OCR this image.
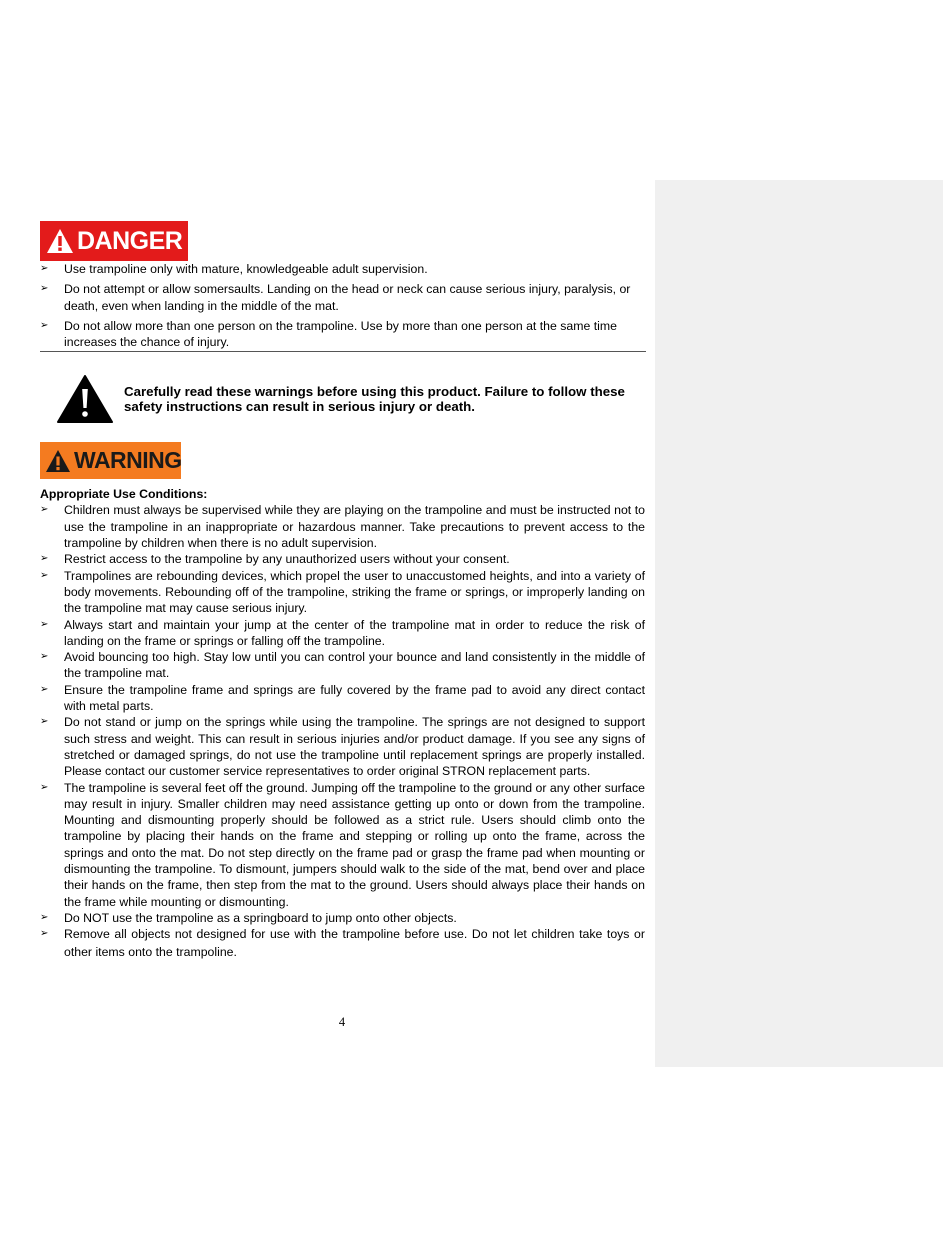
DANGER
➢ Use trampoline only with mature, knowledgeable adult supervision.
➢ Do not attempt or allow somersaults. Landing on the head or neck can cause serious injury, paralysis, or death, even when landing in the middle of the mat.
➢ Do not allow more than one person on the trampoline. Use by more than one person at the same time increases the chance of injury.
Carefully read these warnings before using this product. Failure to follow these
safety instructions can result in serious injury or death.
WARNING
Appropriate Use Conditions:
➢ Children must always be supervised while they are playing on the trampoline and must be instructed not to use the trampoline in an inappropriate or hazardous manner. Take precautions to prevent access to the trampoline by children when there is no adult supervision.
➢ Restrict access to the trampoline by any unauthorized users without your consent.
➢ Trampolines are rebounding devices, which propel the user to unaccustomed heights, and into a variety of body movements. Rebounding off of the trampoline, striking the frame or springs, or improperly landing on the trampoline mat may cause serious injury.
➢ Always start and maintain your jump at the center of the trampoline mat in order to reduce the risk of landing on the frame or springs or falling off the trampoline.
➢ Avoid bouncing too high. Stay low until you can control your bounce and land consistently in the middle of the trampoline mat.
➢ Ensure the trampoline frame and springs are fully covered by the frame pad to avoid any direct contact with metal parts.
➢ Do not stand or jump on the springs while using the trampoline. The springs are not designed to support such stress and weight. This can result in serious injuries and/or product damage. If you see any signs of stretched or damaged springs, do not use the trampoline until replacement springs are properly installed. Please contact our customer service representatives to order original STRON replacement parts.
➢ The trampoline is several feet off the ground. Jumping off the trampoline to the ground or any other surface may result in injury. Smaller children may need assistance getting up onto or down from the trampoline. Mounting and dismounting properly should be followed as a strict rule. Users should climb onto the trampoline by placing their hands on the frame and stepping or rolling up onto the frame, across the springs and onto the mat. Do not step directly on the frame pad or grasp the frame pad when mounting or dismounting the trampoline. To dismount, jumpers should walk to the side of the mat, bend over and place their hands on the frame, then step from the mat to the ground. Users should always place their hands on the frame while mounting or dismounting.
➢ Do NOT use the trampoline as a springboard to jump onto other objects.
➢ Remove all objects not designed for use with the trampoline before use. Do not let children take toys or other items onto the trampoline.
4
